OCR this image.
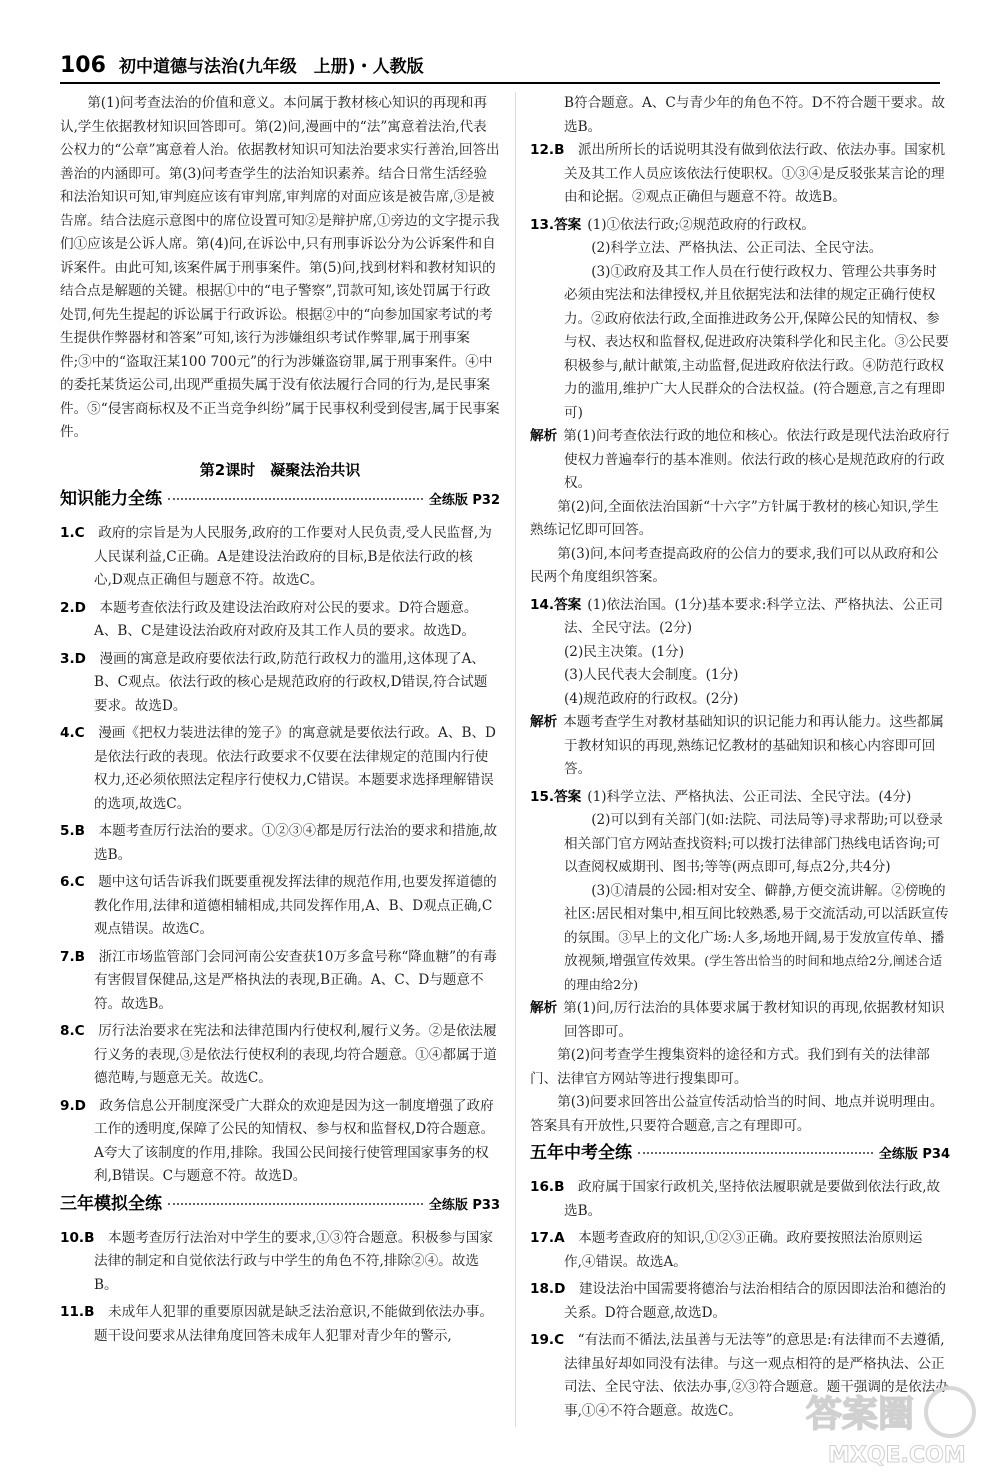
106 初中道德与法治(九年级　上册)・人教版

第(1)问考查法治的价值和意义。本问属于教材核心知识的再现和再认,学生依据教材知识回答即可。第(2)问,漫画中的“法”寓意着法治,代表公权力的“公章”寓意着人治。依据教材知识可知法治要求实行善治,回答出善治的内涵即可。第(3)问考查学生的法治知识素养。结合日常生活经验和法治知识可知,审判庭应该有审判席,审判席的对面应该是被告席,③是被告席。结合法庭示意图中的席位设置可知②是辩护席,①旁边的文字提示我们①应该是公诉人席。第(4)问,在诉讼中,只有刑事诉讼分为公诉案件和自诉案件。由此可知,该案件属于刑事案件。第(5)问,找到材料和教材知识的结合点是解题的关键。根据①中的“电子警察”,罚款可知,该处罚属于行政处罚,何先生提起的诉讼属于行政诉讼。根据②中的“向参加国家考试的考生提供作弊器材和答案”可知,该行为涉嫌组织考试作弊罪,属于刑事案件;③中的“盗取汪某100 700元”的行为涉嫌盗窃罪,属于刑事案件。④中的委托某货运公司,出现严重损失属于没有依法履行合同的行为,是民事案件。⑤“侵害商标权及不正当竞争纠纷”属于民事权利受到侵害,属于民事案件。

第2课时　凝聚法治共识
知识能力全练	全练版 P32

1.C　 政府的宗旨是为人民服务,政府的工作要对人民负责,受人民监督,为人民谋利益,C正确。A是建设法治政府的目标,B是依法行政的核心,D观点正确但与题意不符。故选C。

2.D　 本题考查依法行政及建设法治政府对公民的要求。D符合题意。A、B、C是建设法治政府对政府及其工作人员的要求。故选D。

3.D　 漫画的寓意是政府要依法行政,防范行政权力的滥用,这体现了A、B、C观点。依法行政的核心是规范政府的行政权,D错误,符合试题要求。故选D。

4.C　 漫画《把权力装进法律的笼子》的寓意就是要依法行政。A、B、D是依法行政的表现。依法行政要求不仅要在法律规定的范围内行使权力,还必须依照法定程序行使权力,C错误。本题要求选择理解错误的选项,故选C。

5.B　 本题考查厉行法治的要求。①②③④都是厉行法治的要求和措施,故选B。

6.C　 题中这句话告诉我们既要重视发挥法律的规范作用,也要发挥道德的教化作用,法律和道德相辅相成,共同发挥作用,A、B、D观点正确,C观点错误。故选C。

7.B　 浙江市场监管部门会同河南公安查获10万多盒号称“降血糖”的有毒有害假冒保健品,这是严格执法的表现,B正确。A、C、D与题意不符。故选B。

8.C　 厉行法治要求在宪法和法律范围内行使权利,履行义务。②是依法履行义务的表现,③是依法行使权利的表现,均符合题意。①④都属于道德范畴,与题意无关。故选C。

9.D　 政务信息公开制度深受广大群众的欢迎是因为这一制度增强了政府工作的透明度,保障了公民的知情权、参与权和监督权,D符合题意。A夸大了该制度的作用,排除。我国公民间接行使管理国家事务的权利,B错误。C与题意不符。故选D。

三年模拟全练	全练版 P33

10.B　 本题考查厉行法治对中学生的要求,①③符合题意。积极参与国家法律的制定和自觉依法行政与中学生的角色不符,排除②④。故选B。

11.B　 未成年人犯罪的重要原因就是缺乏法治意识,不能做到依法办事。题干设问要求从法律角度回答未成年人犯罪对青少年的警示,

B符合题意。A、C与青少年的角色不符。D不符合题干要求。故选B。

12.B　 派出所所长的话说明其没有做到依法行政、依法办事。国家机关及其工作人员应该依法行使职权。①③④是反驳张某言论的理由和论据。②观点正确但与题意不符。故选B。

13.答案 (1)①依法行政;②规范政府的行政权。

(2)科学立法、严格执法、公正司法、全民守法。

(3)①政府及其工作人员在行使行政权力、管理公共事务时必须由宪法和法律授权,并且依据宪法和法律的规定正确行使权力。②政府依法行政,全面推进政务公开,保障公民的知情权、参与权、表达权和监督权,促进政府决策科学化和民主化。③公民要积极参与,献计献策,主动监督,促进政府依法行政。④防范行政权力的滥用,维护广大人民群众的合法权益。(符合题意,言之有理即可)

解析 第(1)问考查依法行政的地位和核心。依法行政是现代法治政府行使权力普遍奉行的基本准则。依法行政的核心是规范政府的行政权。

第(2)问,全面依法治国新“十六字”方针属于教材的核心知识,学生熟练记忆即可回答。

第(3)问,本问考查提高政府的公信力的要求,我们可以从政府和公民两个角度组织答案。

14.答案 (1)依法治国。(1分)基本要求:科学立法、严格执法、公正司法、全民守法。(2分)

(2)民主决策。(1分)

(3)人民代表大会制度。(1分)

(4)规范政府的行政权。(2分)

解析 本题考查学生对教材基础知识的识记能力和再认能力。这些都属于教材知识的再现,熟练记忆教材的基础知识和核心内容即可回答。

15.答案 (1)科学立法、严格执法、公正司法、全民守法。(4分)

(2)可以到有关部门(如:法院、司法局等)寻求帮助;可以登录相关部门官方网站查找资料;可以拨打法律部门热线电话咨询;可以查阅权威期刊、图书;等等(两点即可,每点2分,共4分)

(3)①清晨的公园:相对安全、僻静,方便交流讲解。②傍晚的社区:居民相对集中,相互间比较熟悉,易于交流活动,可以活跃宣传的氛围。③早上的文化广场:人多,场地开阔,易于发放宣传单、播放视频,增强宣传效果。(学生答出恰当的时间和地点给2分,阐述合适的理由给2分)

解析 第(1)问,厉行法治的具体要求属于教材知识的再现,依据教材知识回答即可。

第(2)问考查学生搜集资料的途径和方式。我们到有关的法律部门、法律官方网站等进行搜集即可。

第(3)问要求回答出公益宣传活动恰当的时间、地点并说明理由。答案具有开放性,只要符合题意,言之有理即可。

五年中考全练	全练版 P34

16.B　 政府属于国家行政机关,坚持依法履职就是要做到依法行政,故选B。

17.A　 本题考查政府的知识,①②③正确。政府要按照法治原则运作,④错误。故选A。

18.D　 建设法治中国需要将德治与法治相结合的原因即法治和德治的关系。D符合题意,故选D。

19.C　 “有法而不循法,法虽善与无法等”的意思是:有法律而不去遵循,法律虽好却如同没有法律。与这一观点相符的是严格执法、公正司法、全民守法、依法办事,②③符合题意。题干强调的是依法办事,①④不符合题意。故选C。	答案圈
MXQE.COM
